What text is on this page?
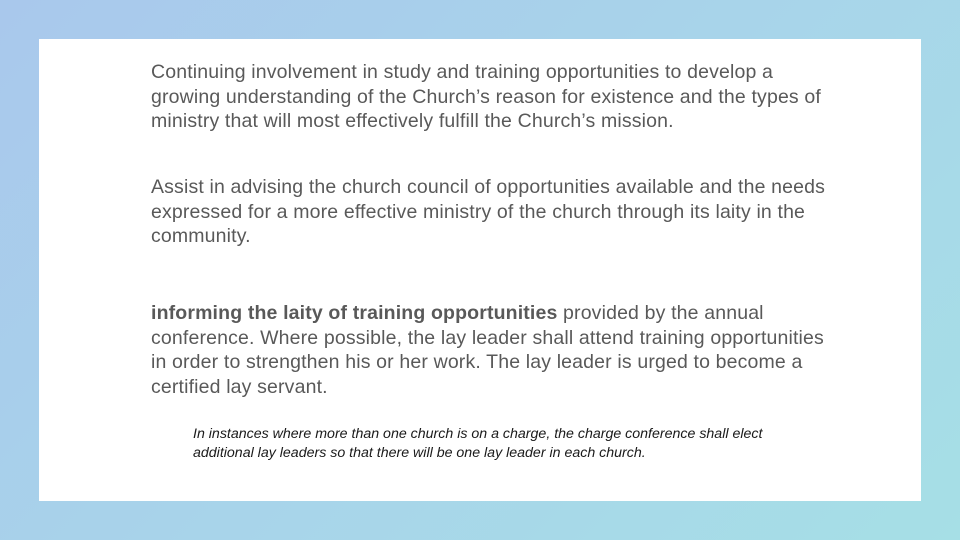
Continuing involvement in study and training opportunities to develop a growing understanding of the Church’s reason for existence and the types of ministry that will most effectively fulfill the Church’s mission.

Assist in advising the church council of opportunities available and the needs expressed for a more effective ministry of the church through its laity in the community.

informing the laity of training opportunities provided by the annual conference. Where possible, the lay leader shall attend training opportunities in order to strengthen his or her work. The lay leader is urged to become a certified lay servant.

In instances where more than one church is on a charge, the charge conference shall elect additional lay leaders so that there will be one lay leader in each church.
